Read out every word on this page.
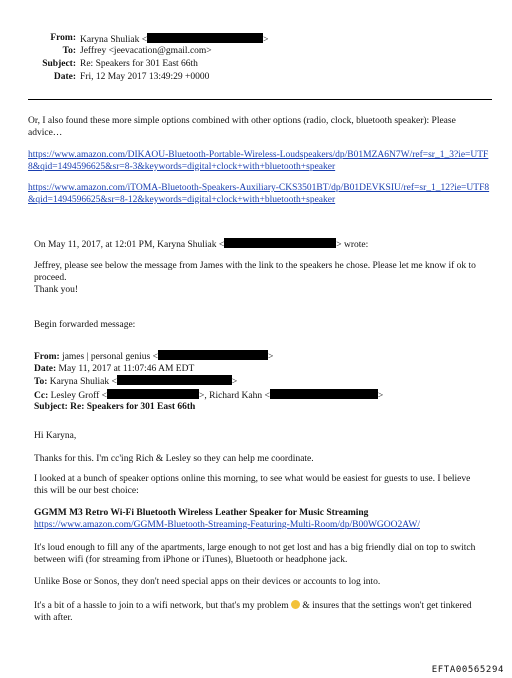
From: Karyna Shuliak <	>
To: Jeffrey <jeevacation@gmail.com>
Subject: Re: Speakers for 301 East 66th
Date: Fri, 12 May 2017 13:49:29 +0000
Or, I also found these more simple options combined with other options (radio, clock, bluetooth speaker): Please advice…
https://www.amazon.com/DIKAOU-Bluetooth-Portable-Wireless-Loudspeakers/dp/B01MZA6N7W/ref=sr_1_3?ie=UTF8&qid=1494596625&sr=8-3&keywords=digital+clock+with+bluetooth+speaker
https://www.amazon.com/iTOMA-Bluetooth-Speakers-Auxiliary-CKS3501BT/dp/B01DEVKSIU/ref=sr_1_12?ie=UTF8&qid=1494596625&sr=8-12&keywords=digital+clock+with+bluetooth+speaker
On May 11, 2017, at 12:01 PM, Karyna Shuliak <	> wrote:
Jeffrey, please see below the message from James with the link to the speakers he chose. Please let me know if ok to proceed.
Thank you!
Begin forwarded message:
From: james | personal genius <	>
Date: May 11, 2017 at 11:07:46 AM EDT
To: Karyna Shuliak <	>
Cc: Lesley Groff <	>, Richard Kahn <	>
Subject: Re: Speakers for 301 East 66th
Hi Karyna,
Thanks for this. I'm cc'ing Rich & Lesley so they can help me coordinate.
I looked at a bunch of speaker options online this morning, to see what would be easiest for guests to use. I believe this will be our best choice:
GGMM M3 Retro Wi-Fi Bluetooth Wireless Leather Speaker for Music Streaming
https://www.amazon.com/GGMM-Bluetooth-Streaming-Featuring-Multi-Room/dp/B00WGOO2AW/
It's loud enough to fill any of the apartments, large enough to not get lost and has a big friendly dial on top to switch between wifi (for streaming from iPhone or iTunes), Bluetooth or headphone jack.
Unlike Bose or Sonos, they don't need special apps on their devices or accounts to log into.
It's a bit of a hassle to join to a wifi network, but that's my problem & insures that the settings won't get tinkered with after.
EFTA00565294
